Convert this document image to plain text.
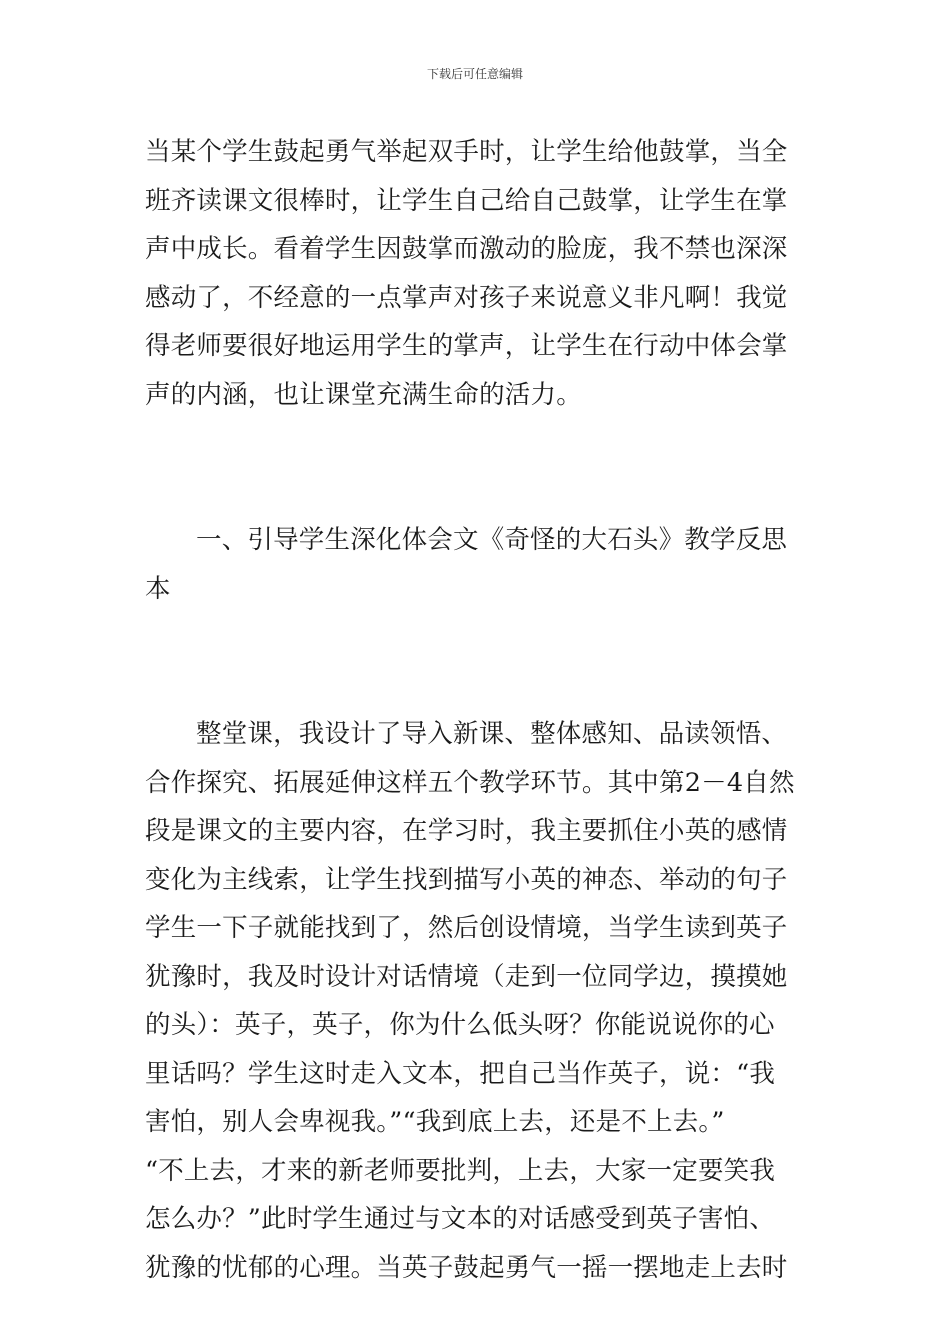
下载后可任意编辑
当某个学生鼓起勇气举起双手时，让学生给他鼓掌，当全
班齐读课文很棒时，让学生自己给自己鼓掌，让学生在掌
声中成长。看着学生因鼓掌而激动的脸庞，我不禁也深深
感动了，不经意的一点掌声对孩子来说意义非凡啊！我觉
得老师要很好地运用学生的掌声，让学生在行动中体会掌
声的内涵，也让课堂充满生命的活力。
一、引导学生深化体会文《奇怪的大石头》教学反思
本
整堂课，我设计了导入新课、整体感知、品读领悟、
合作探究、拓展延伸这样五个教学环节。其中第2－4自然
段是课文的主要内容，在学习时，我主要抓住小英的感情
变化为主线索，让学生找到描写小英的神态、举动的句子
学生一下子就能找到了，然后创设情境，当学生读到英子
犹豫时，我及时设计对话情境（走到一位同学边，摸摸她
的头）：英子，英子，你为什么低头呀？你能说说你的心
里话吗？学生这时走入文本，把自己当作英子，说：“我
害怕，别人会卑视我。”“我到底上去，还是不上去。”
“不上去，才来的新老师要批判，上去，大家一定要笑我
怎么办？”此时学生通过与文本的对话感受到英子害怕、
犹豫的忧郁的心理。当英子鼓起勇气一摇一摆地走上去时
